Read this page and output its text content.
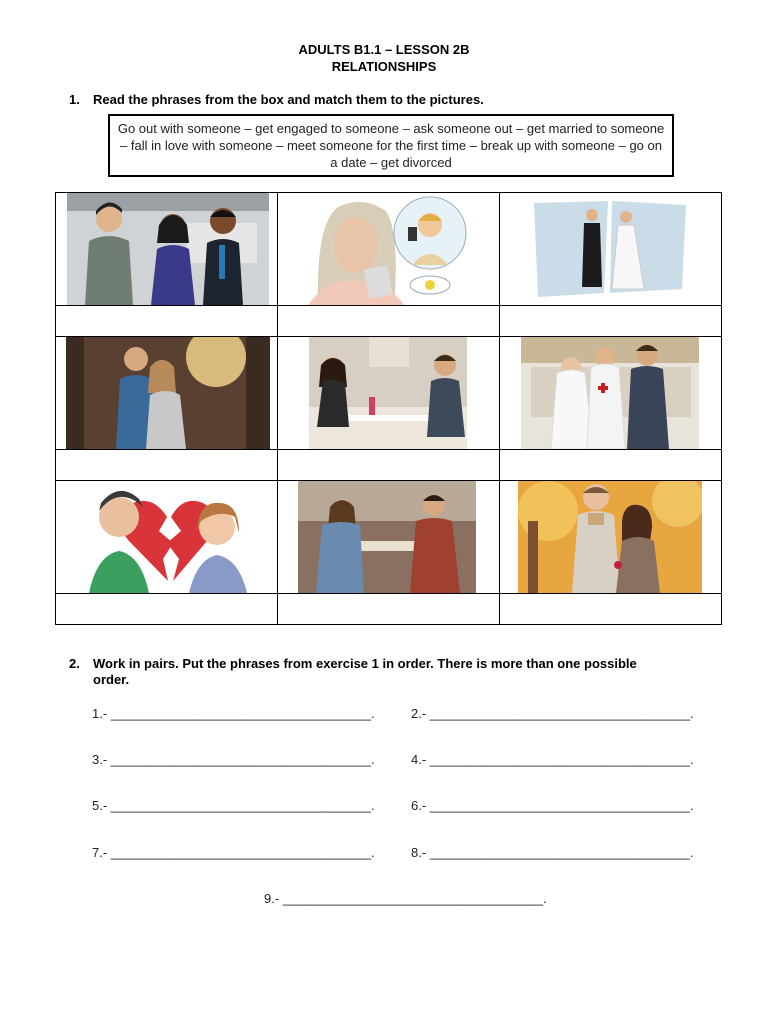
ADULTS B1.1 – LESSON 2B
RELATIONSHIPS
1. Read the phrases from the box and match them to the pictures.
Go out with someone – get engaged to someone – ask someone out – get married to someone – fall in love with someone – meet someone for the first time – break up with someone – go on a date – get divorced

2. Work in pairs. Put the phrases from exercise 1 in order. There is more than one possible
order.
1.- ____________________________________.	2.- ____________________________________.
3.- ____________________________________.	4.- ____________________________________.
5.- ____________________________________.	6.- ____________________________________.
7.- ____________________________________.	8.- ____________________________________.
9.- ____________________________________.
